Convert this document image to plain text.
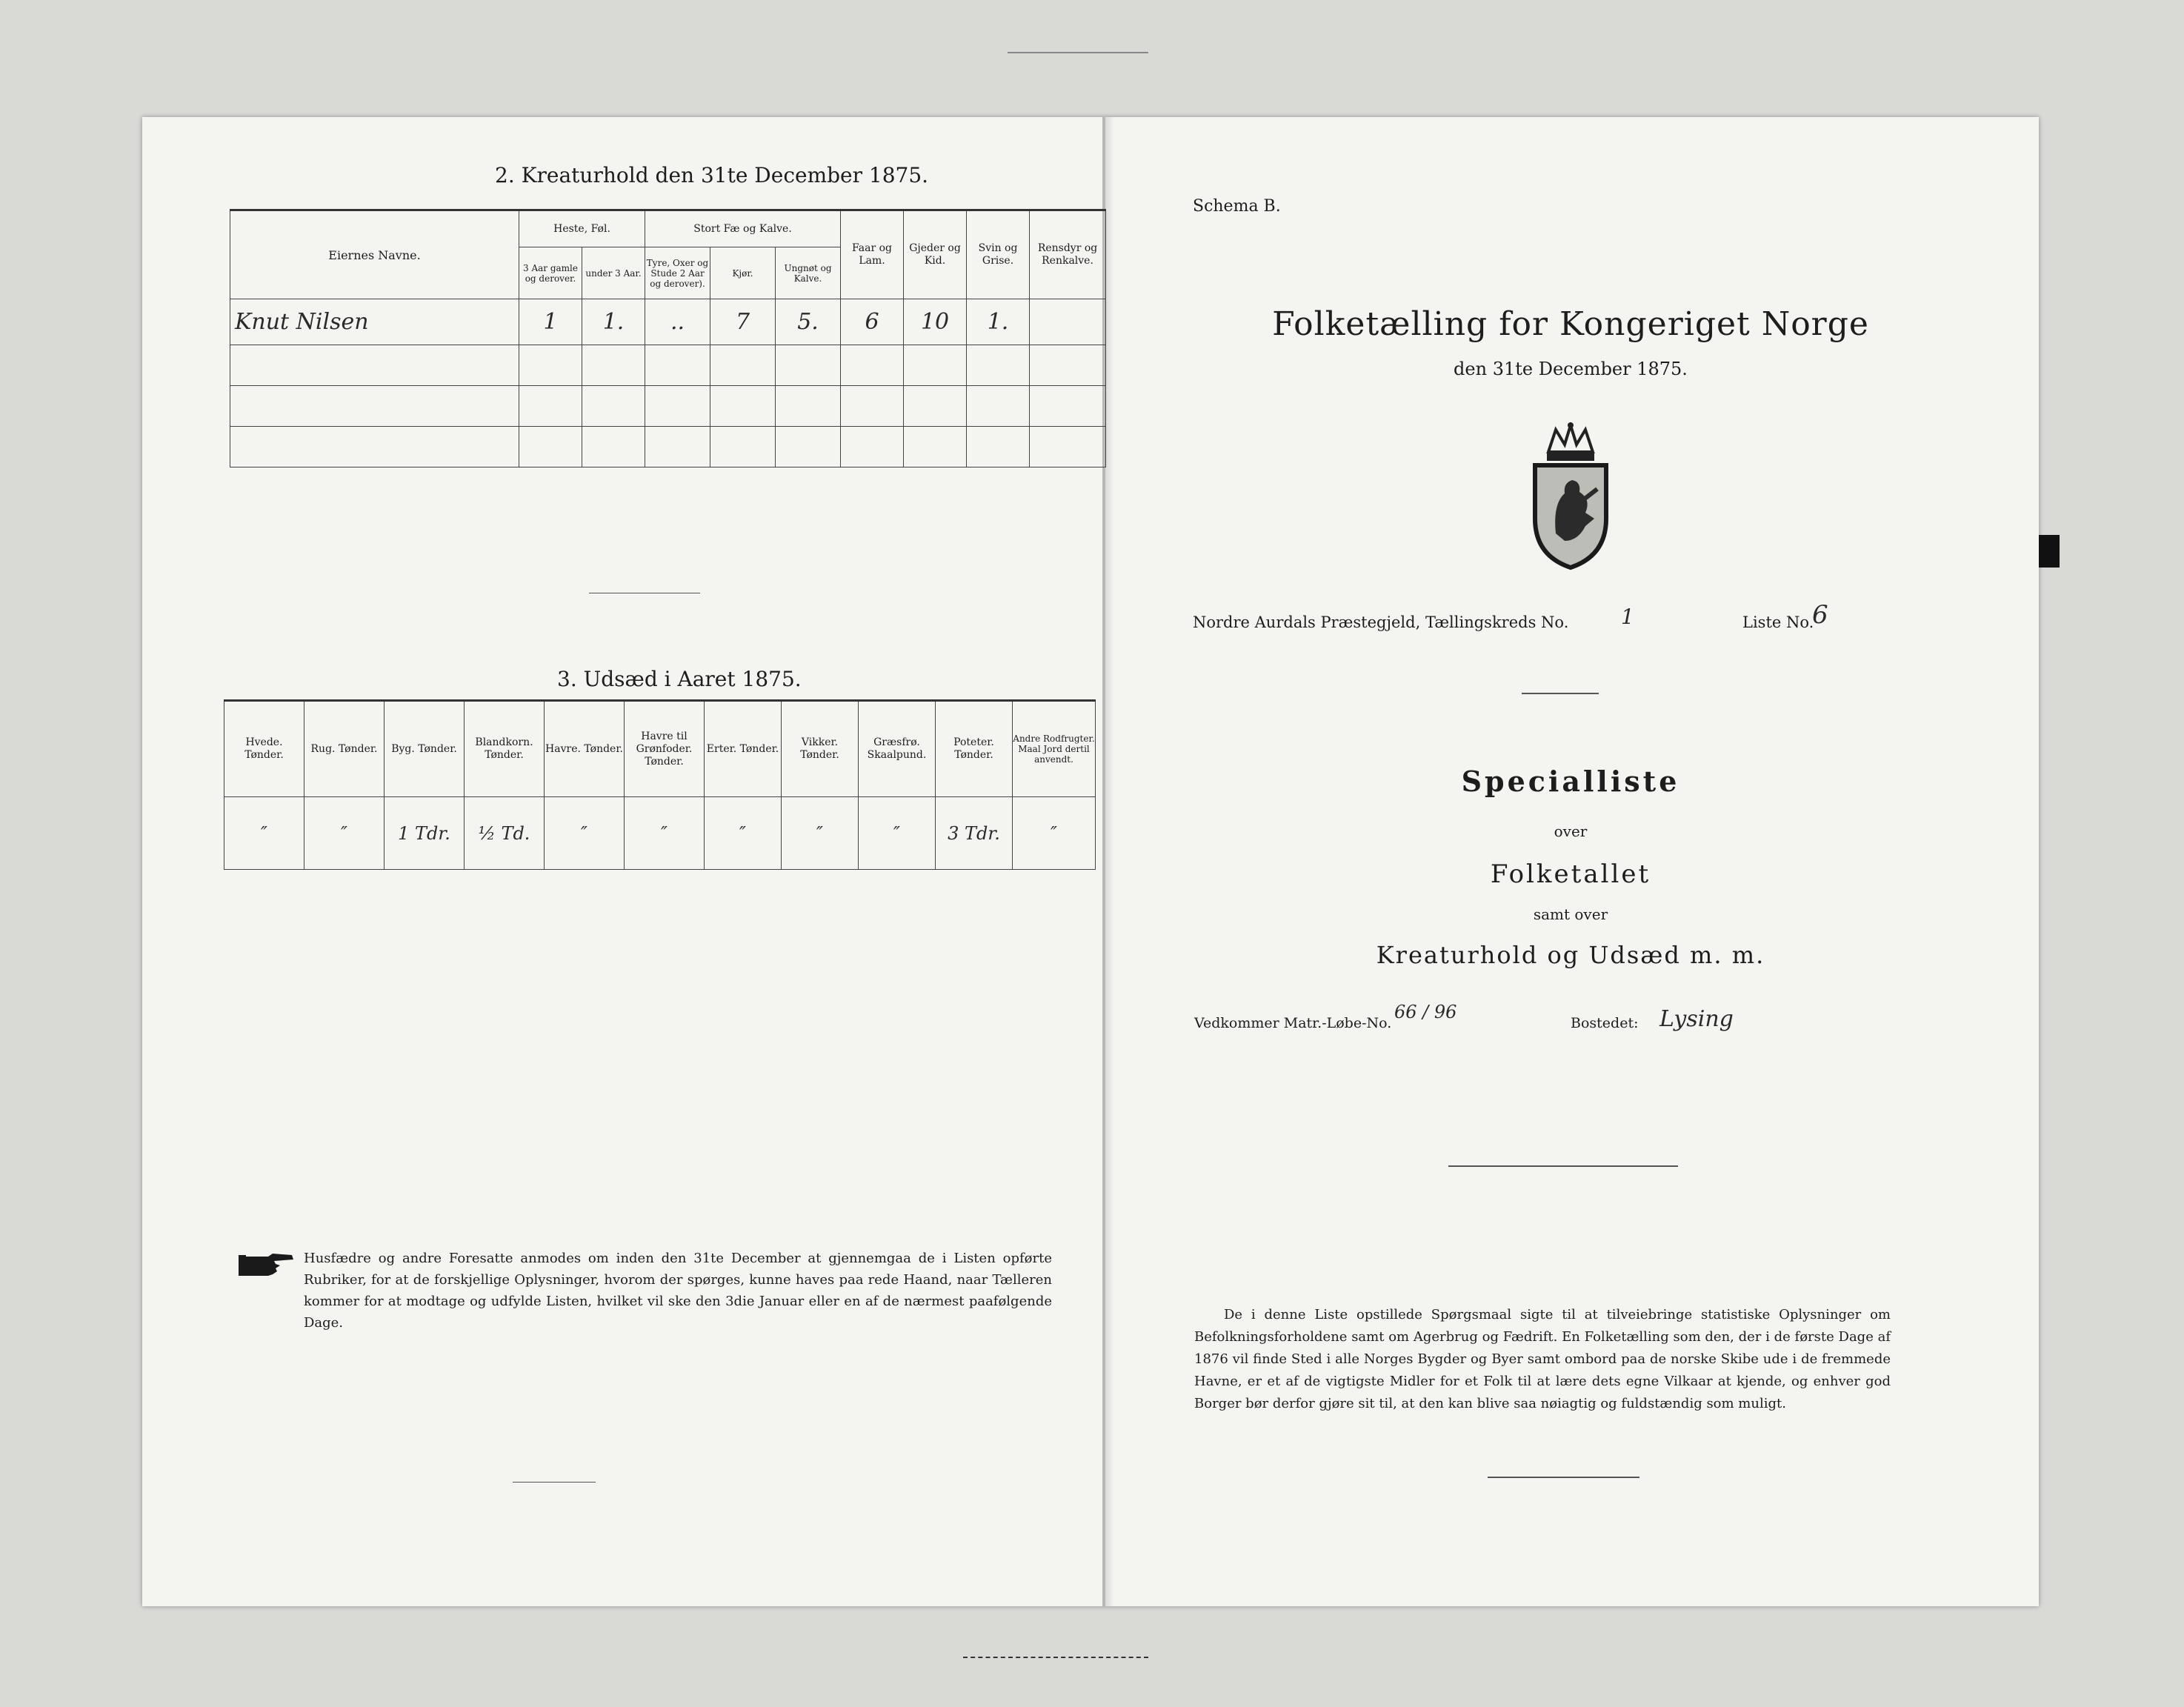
2. Kreaturhold den 31te December 1875.
Eiernes Navne.	Heste, Føl.		Stort Fæ og Kalve.			Faar og Lam.	Gjeder og Kid.	Svin og Grise.	Rensdyr og Renkalve.
	3 Aar gamle og derover.	under 3 Aar.	Tyre, Oxer og Stude 2 Aar og derover).	Kjør.	Ungnøt og Kalve.				
Knut Nilsen	1	1.	..	7	5.	6	10	1.	

3. Udsæd i Aaret 1875.
Hvede. Tønder.	Rug. Tønder.	Byg. Tønder.	Blandkorn. Tønder.	Havre. Tønder.	Havre til Grønfoder. Tønder.	Erter. Tønder.	Vikker. Tønder.	Græsfrø. Skaalpund.	Poteter. Tønder.	Andre Rodfrugter. Maal Jord dertil anvendt.
″	″	1 Tdr.	½ Td.	″	″	″	″	″	3 Tdr.	″
Husfædre og andre Foresatte anmodes om inden den 31te December at gjennemgaa de i Listen opførte Rubriker, for at de forskjellige Oplysninger, hvorom der spørges, kunne haves paa rede Haand, naar Tælleren kommer for at modtage og udfylde Listen, hvilket vil ske den 3die Januar eller en af de nærmest paafølgende Dage.
Schema B.
Folketælling for Kongeriget Norge
den 31te December 1875.
Nordre Aurdals Præstegjeld, Tællingskreds No.	1	Liste No.
6
Specialliste
over
Folketallet
samt over
Kreaturhold og Udsæd m. m.
Vedkommer Matr.-Løbe-No.
66 / 96
Bostedet: Lysing
De i denne Liste opstillede Spørgsmaal sigte til at tilveiebringe statistiske Oplysninger om Befolkningsforholdene samt om Agerbrug og Fædrift. En Folketælling som den, der i de første Dage af 1876 vil finde Sted i alle Norges Bygder og Byer samt ombord paa de norske Skibe ude i de fremmede Havne, er et af de vigtigste Midler for et Folk til at lære dets egne Vilkaar at kjende, og enhver god Borger bør derfor gjøre sit til, at den kan blive saa nøiagtig og fuldstændig som muligt.
